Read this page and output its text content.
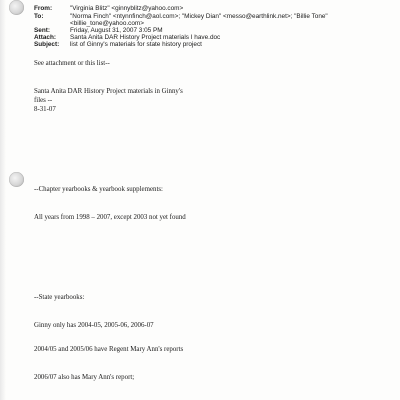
From:	"Virginia Blitz" <ginnyblitz@yahoo.com>
To:	"Norma Finch" <ntynnfinch@aol.com>; "Mickey Dian" <messo@earthlink.net>; "Billie Tone"
<billie_tone@yahoo.com>
Sent:	Friday, August 31, 2007 3:05 PM
Attach: Santa Anita DAR History Project materials I have.doc
Subject: list of Ginny's materials for state history project
See attachment or this list--
Santa Anita DAR History Project materials in Ginny's
files --
8-31-07
--Chapter yearbooks & yearbook supplements:
All years from 1998 – 2007, except 2003 not yet found
--State yearbooks:
Ginny only has 2004-05, 2005-06, 2006-07
2004/05 and 2005/06 have Regent Mary Ann's reports
2006/07 also has Mary Ann's report;
